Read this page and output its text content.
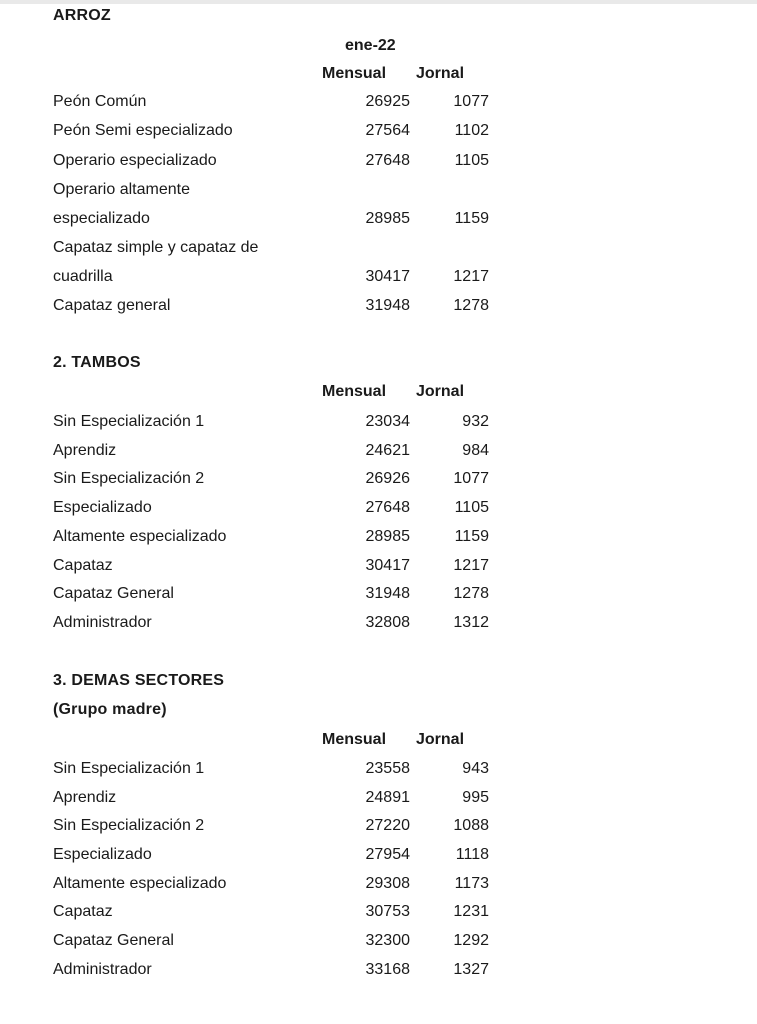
ARROZ
ene-22
Mensual Jornal
Peón Común	26925	1077
Peón Semi especializado	27564	1102
Operario especializado	27648	1105
Operario altamente
especializado	28985	1159
Capataz simple y capataz de
cuadrilla	30417	1217
Capataz general	31948	1278
2. TAMBOS
Mensual Jornal
Sin Especialización 1	23034	932
Aprendiz	24621	984
Sin Especialización 2	26926	1077
Especializado	27648	1105
Altamente especializado	28985	1159
Capataz	30417	1217
Capataz General	31948	1278
Administrador	32808	1312
3. DEMAS SECTORES
(Grupo madre)
Mensual Jornal
Sin Especialización 1	23558	943
Aprendiz	24891	995
Sin Especialización 2	27220	1088
Especializado	27954	1118
Altamente especializado	29308	1173
Capataz	30753	1231
Capataz General	32300	1292
Administrador	33168	1327
